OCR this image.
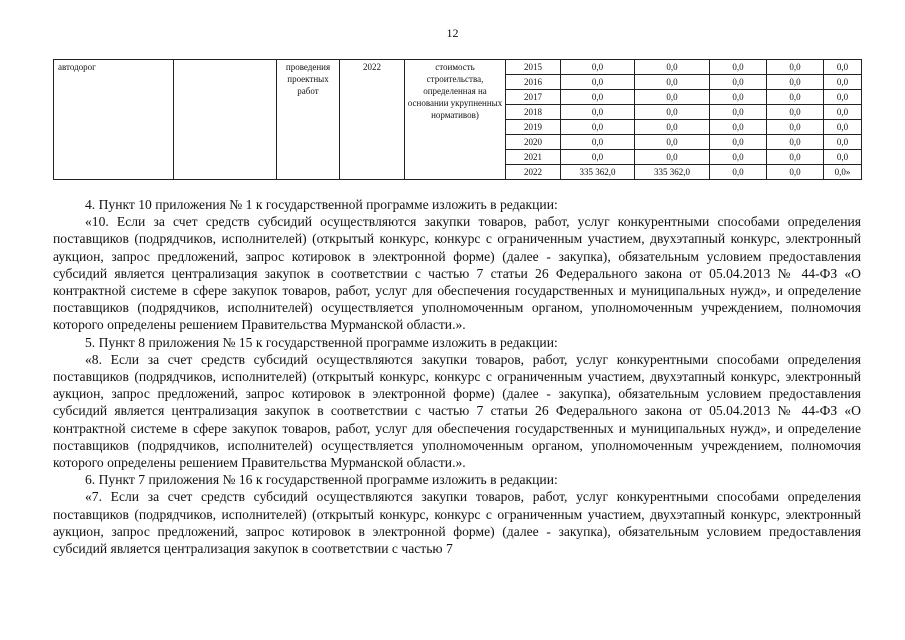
12
автодорог		проведения проектных работ	2022	стоимость строительства, определенная на основании укрупненных нормативов)	2015	0,0	0,0	0,0	0,0	0,0
					2016	0,0	0,0	0,0	0,0	0,0
					2017	0,0	0,0	0,0	0,0	0,0
					2018	0,0	0,0	0,0	0,0	0,0
					2019	0,0	0,0	0,0	0,0	0,0
					2020	0,0	0,0	0,0	0,0	0,0
					2021	0,0	0,0	0,0	0,0	0,0
					2022	335 362,0	335 362,0	0,0	0,0	0,0»

4. Пункт 10 приложения № 1 к государственной программе изложить в редакции:

«10. Если за счет средств субсидий осуществляются закупки товаров, работ, услуг конкурентными способами определения поставщиков (подрядчиков, исполнителей) (открытый конкурс, конкурс с ограниченным участием, двухэтапный конкурс, электронный аукцион, запрос предложений, запрос котировок в электронной форме) (далее - закупка), обязательным условием предоставления субсидий является централизация закупок в соответствии с частью 7 статьи 26 Федерального закона от 05.04.2013 № 44-ФЗ «О контрактной системе в сфере закупок товаров, работ, услуг для обеспечения государственных и муниципальных нужд», и определение поставщиков (подрядчиков, исполнителей) осуществляется уполномоченным органом, уполномоченным учреждением, полномочия которого определены решением Правительства Мурманской области.».

5. Пункт 8 приложения № 15 к государственной программе изложить в редакции:

«8. Если за счет средств субсидий осуществляются закупки товаров, работ, услуг конкурентными способами определения поставщиков (подрядчиков, исполнителей) (открытый конкурс, конкурс с ограниченным участием, двухэтапный конкурс, электронный аукцион, запрос предложений, запрос котировок в электронной форме) (далее - закупка), обязательным условием предоставления субсидий является централизация закупок в соответствии с частью 7 статьи 26 Федерального закона от 05.04.2013 № 44-ФЗ «О контрактной системе в сфере закупок товаров, работ, услуг для обеспечения государственных и муниципальных нужд», и определение поставщиков (подрядчиков, исполнителей) осуществляется уполномоченным органом, уполномоченным учреждением, полномочия которого определены решением Правительства Мурманской области.».

6. Пункт 7 приложения № 16 к государственной программе изложить в редакции:

«7. Если за счет средств субсидий осуществляются закупки товаров, работ, услуг конкурентными способами определения поставщиков (подрядчиков, исполнителей) (открытый конкурс, конкурс с ограниченным участием, двухэтапный конкурс, электронный аукцион, запрос предложений, запрос котировок в электронной форме) (далее - закупка), обязательным условием предоставления субсидий является централизация закупок в соответствии с частью 7
